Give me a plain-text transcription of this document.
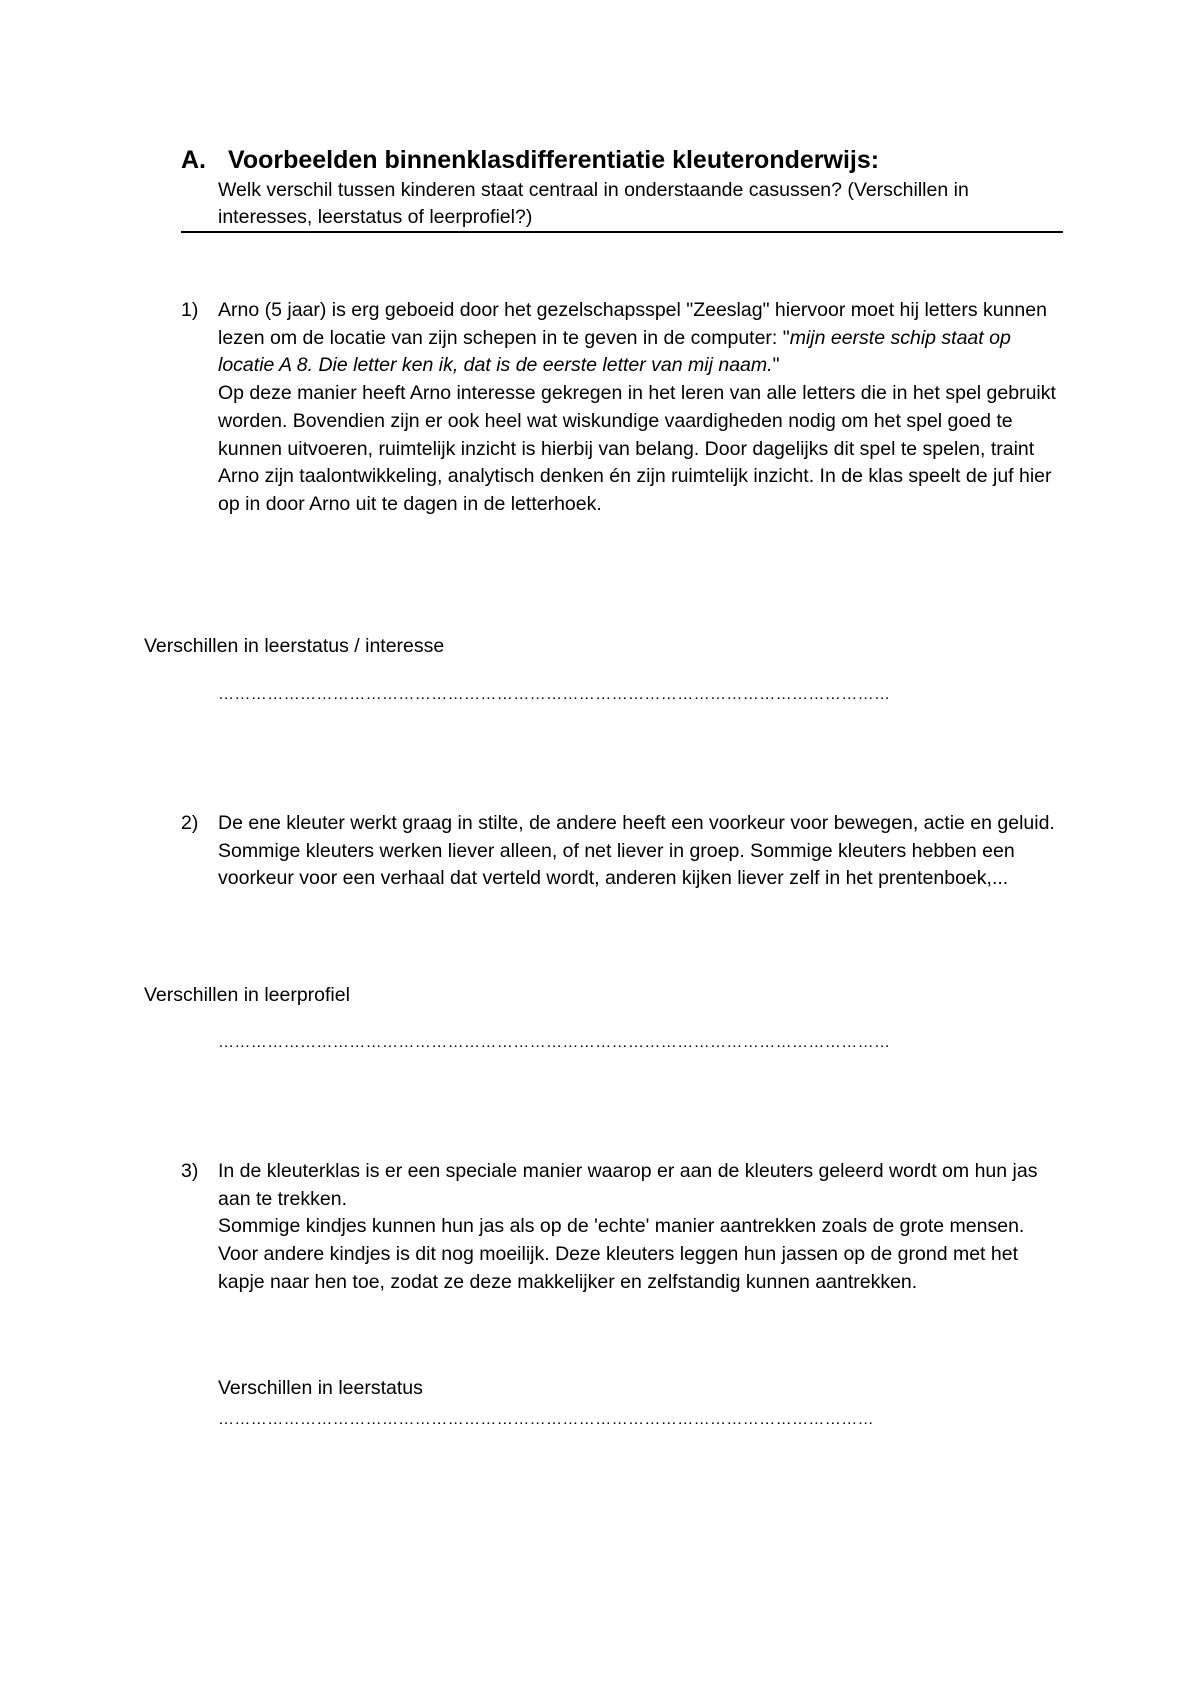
A. Voorbeelden binnenklasdifferentiatie kleuteronderwijs:
Welk verschil tussen kinderen staat centraal in onderstaande casussen? (Verschillen in interesses, leerstatus of leerprofiel?)
1)	Arno (5 jaar) is erg geboeid door het gezelschapsspel "Zeeslag" hiervoor moet hij letters kunnen lezen om de locatie van zijn schepen in te geven in de computer: "mijn eerste schip staat op locatie A 8. Die letter ken ik, dat is de eerste letter van mij naam."

Op deze manier heeft Arno interesse gekregen in het leren van alle letters die in het spel gebruikt worden. Bovendien zijn er ook heel wat wiskundige vaardigheden nodig om het spel goed te kunnen uitvoeren, ruimtelijk inzicht is hierbij van belang. Door dagelijks dit spel te spelen, traint Arno zijn taalontwikkeling, analytisch denken én zijn ruimtelijk inzicht. In de klas speelt de juf hier op in door Arno uit te dagen in de letterhoek.

Verschillen in leerstatus / interesse
……………………………………………………………………………………………………………
2)	De ene kleuter werkt graag in stilte, de andere heeft een voorkeur voor bewegen, actie en geluid. Sommige kleuters werken liever alleen, of net liever in groep. Sommige kleuters hebben een voorkeur voor een verhaal dat verteld wordt, anderen kijken liever zelf in het prentenboek,...

Verschillen in leerprofiel
……………………………………………………………………………………………………………
3)	In de kleuterklas is er een speciale manier waarop er aan de kleuters geleerd wordt om hun jas aan te trekken.

Sommige kindjes kunnen hun jas als op de 'echte' manier aantrekken zoals de grote mensen. Voor andere kindjes is dit nog moeilijk. Deze kleuters leggen hun jassen op de grond met het kapje naar hen toe, zodat ze deze makkelijker en zelfstandig kunnen aantrekken.

Verschillen in leerstatus
…………………………………………………………………………………………………………
